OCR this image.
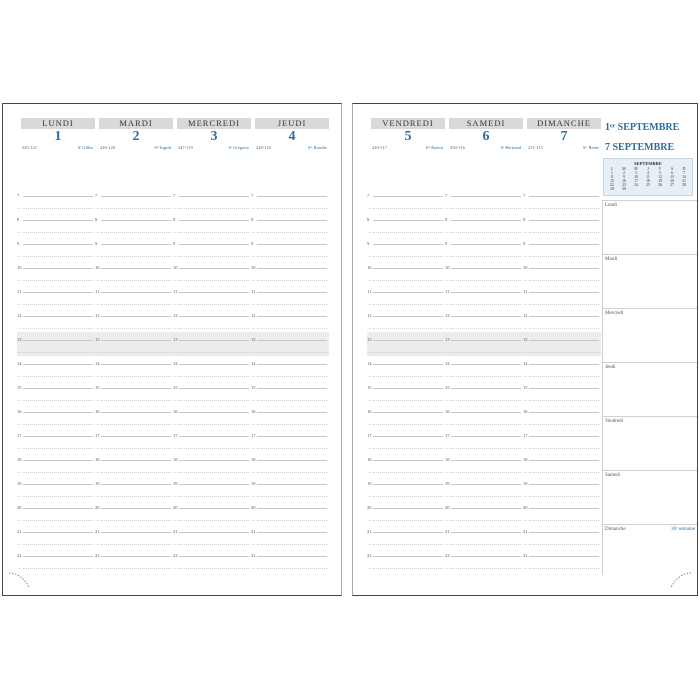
LUNDI
1
245-121	Sᵗ Gilles
7
—
8
—
9
—
10
—
11
—
12
—
13
—
14
—
15
—
16
—
17
—
18
—
19
—
20
—
21
—
22
—
MARDI
2
246-120	Sᵗᵉ Ingrid
7
—
8
—
9
—
10
—
11
—
12
—
13
—
14
—
15
—
16
—
17
—
18
—
19
—
20
—
21
—
22
—
MERCREDI
3
247-119	Sᵗ Grégoire
7
—
8
—
9
—
10
—
11
—
12
—
13
—
14
—
15
—
16
—
17
—
18
—
19
—
20
—
21
—
22
—
JEUDI
4
248-118	Sᵗᵉ Rosalie
7
—
8
—
9
—
10
—
11
—
12
—
13
—
14
—
15
—
16
—
17
—
18
—
19
—
20
—
21
—
22
—
1ᵉʳ SEPTEMBRE
7 SEPTEMBRE
SEPTEMBRE
L	M	M	J	V	S	D
1	2	3	4	5	6	7
8	9	10	11	12	13	14
15	16	17	18	19	20	21
22	23	24	25	26	27	28
29	30					
Lundi
Mardi
Mercredi
Jeudi
Vendredi
Samedi
Dimanche	36ᵉ semaine
VENDREDI
5
249-117	Sᵗᵉ Raïssa
7
—
8
—
9
—
10
—
11
—
12
—
13
—
14
—
15
—
16
—
17
—
18
—
19
—
20
—
21
—
22
—
SAMEDI
6
250-116	Sᵗ Bertrand
7
—
8
—
9
—
10
—
11
—
12
—
13
—
14
—
15
—
16
—
17
—
18
—
19
—
20
—
21
—
22
—
DIMANCHE
7
251-115	Sᵗᵉ Reine
7
—
8
—
9
—
10
—
11
—
12
—
13
—
14
—
15
—
16
—
17
—
18
—
19
—
20
—
21
—
22
—
